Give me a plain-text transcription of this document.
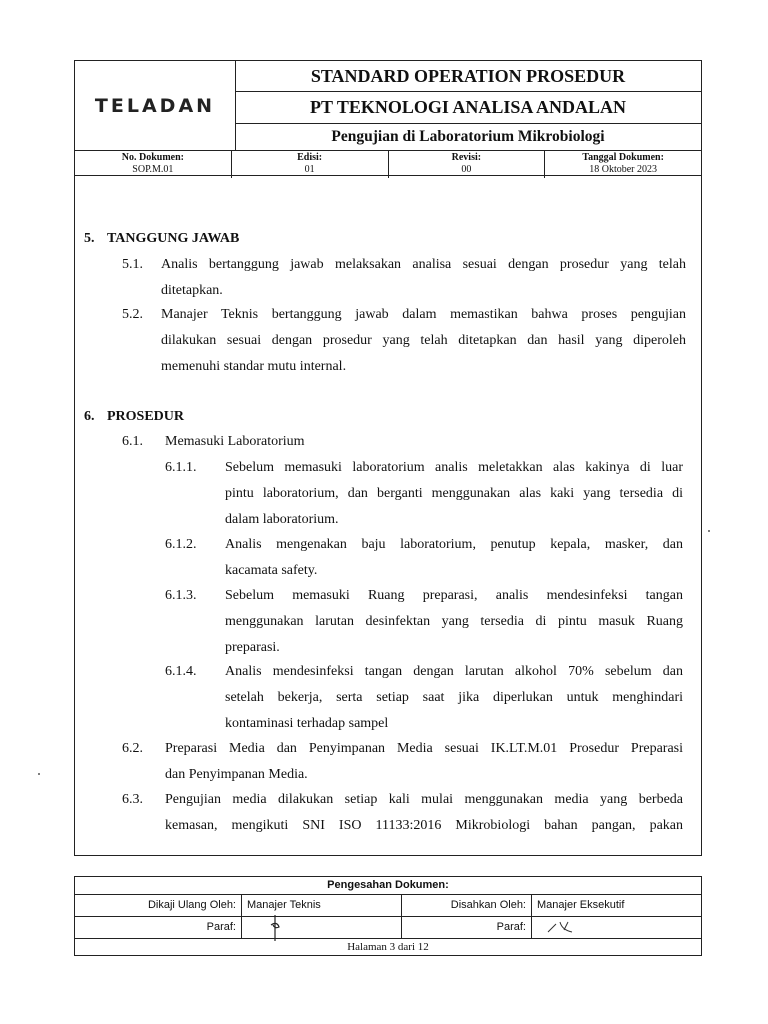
TELADAN
STANDARD OPERATION PROSEDUR
PT TEKNOLOGI ANALISA ANDALAN
Pengujian di Laboratorium Mikrobiologi
No. Dokumen:
SOP.M.01
Edisi:
01
Revisi:
00
Tanggal Dokumen:
18 Oktober 2023
5. TANGGUNG JAWAB
5.1. Analis bertanggung jawab melaksakan analisa sesuai dengan prosedur yang telah
ditetapkan.
5.2. Manajer Teknis bertanggung jawab dalam memastikan bahwa proses pengujian
dilakukan sesuai dengan prosedur yang telah ditetapkan dan hasil yang diperoleh
memenuhi standar mutu internal.
6. PROSEDUR
6.1. Memasuki Laboratorium
6.1.1. Sebelum memasuki laboratorium analis meletakkan alas kakinya di luar
pintu laboratorium, dan berganti menggunakan alas kaki yang tersedia di
dalam laboratorium.
6.1.2. Analis mengenakan baju laboratorium, penutup kepala, masker, dan
kacamata safety.
6.1.3. Sebelum memasuki Ruang preparasi, analis mendesinfeksi tangan
menggunakan larutan desinfektan yang tersedia di pintu masuk Ruang
preparasi.
6.1.4. Analis mendesinfeksi tangan dengan larutan alkohol 70% sebelum dan
setelah bekerja, serta setiap saat jika diperlukan untuk menghindari
kontaminasi terhadap sampel
6.2. Preparasi Media dan Penyimpanan Media sesuai IK.LT.M.01 Prosedur Preparasi
dan Penyimpanan Media.
6.3. Pengujian media dilakukan setiap kali mulai menggunakan media yang berbeda
kemasan, mengikuti SNI ISO 11133:2016 Mikrobiologi bahan pangan, pakan
Pengesahan Dokumen:
Dikaji Ulang Oleh:	Manajer Teknis	Disahkan Oleh:	Manajer Eksekutif
Paraf:	Paraf:
Halaman 3 dari 12
